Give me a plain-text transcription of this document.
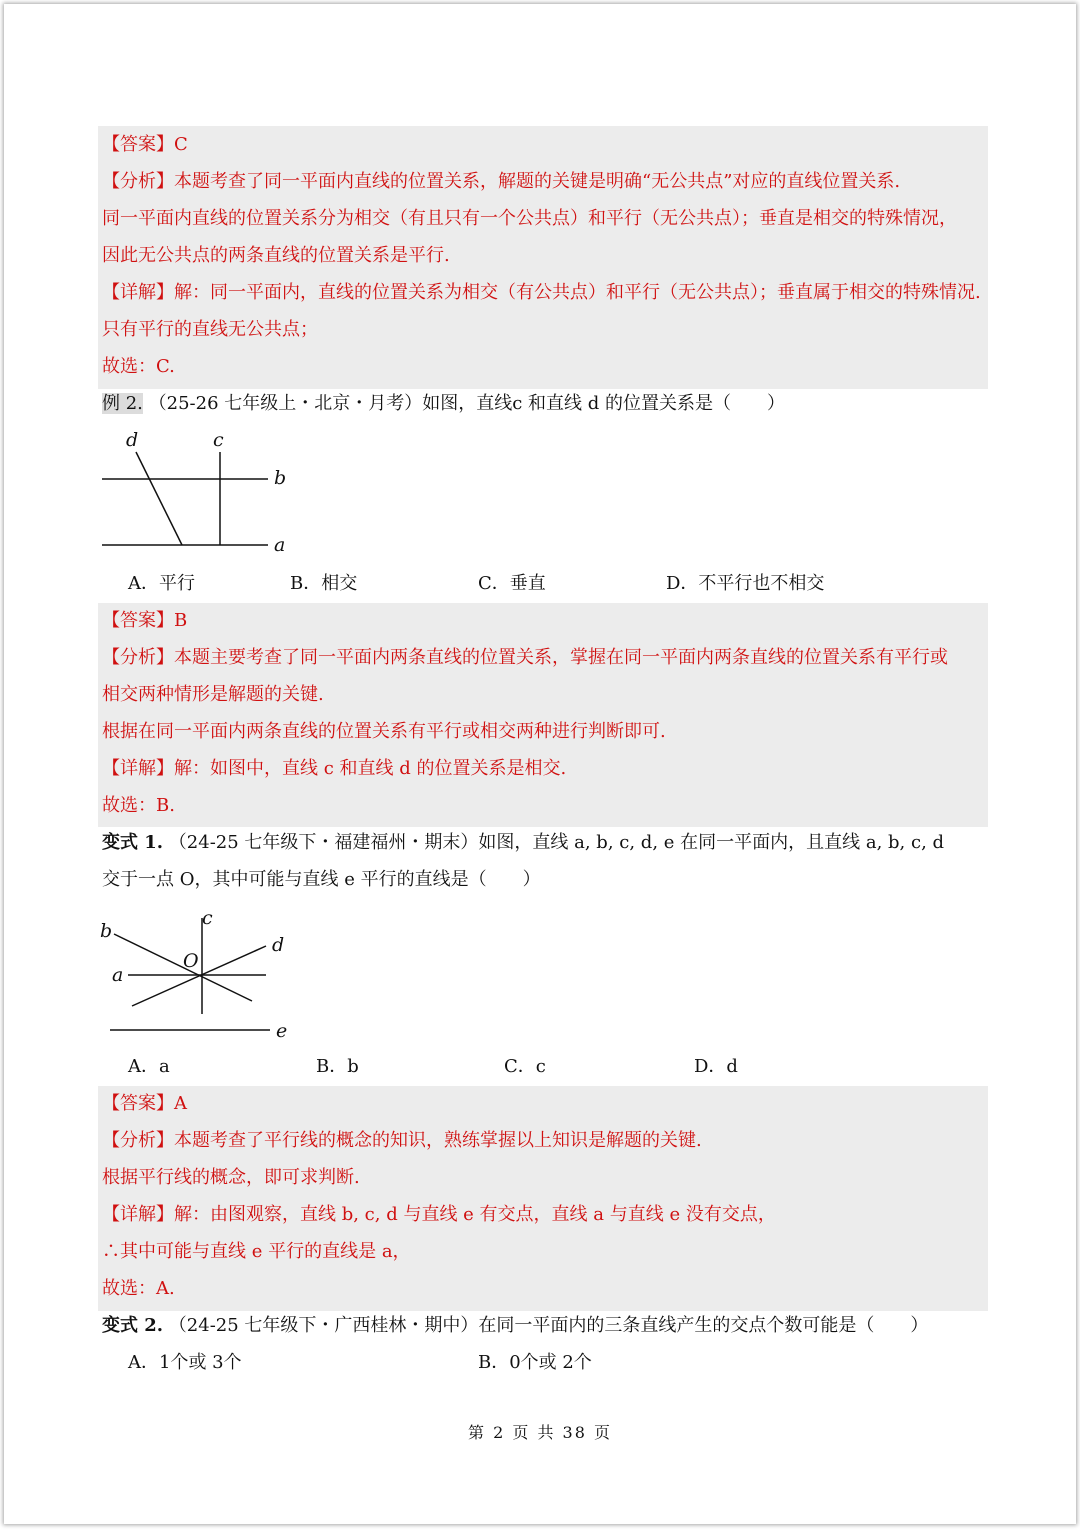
【答案】C
【分析】本题考查了同一平面内直线的位置关系，解题的关键是明确“无公共点”对应的直线位置关系.
同一平面内直线的位置关系分为相交（有且只有一个公共点）和平行（无公共点）；垂直是相交的特殊情况，
因此无公共点的两条直线的位置关系是平行.
【详解】解：同一平面内，直线的位置关系为相交（有公共点）和平行（无公共点）；垂直属于相交的特殊情况.
只有平行的直线无公共点；
故选：C.
例 2. （25-26 七年级上・北京・月考）如图，直线c 和直线 d 的位置关系是（　　）
d	c
b
a
A．平行	B．相交	C．垂直	D．不平行也不相交
【答案】B
【分析】本题主要考查了同一平面内两条直线的位置关系，掌握在同一平面内两条直线的位置关系有平行或
相交两种情形是解题的关键.
根据在同一平面内两条直线的位置关系有平行或相交两种进行判断即可.
【详解】解：如图中，直线 c 和直线 d 的位置关系是相交.
故选：B.
变式 1. （24-25 七年级下・福建福州・期末）如图，直线 a, b, c, d, e 在同一平面内，且直线 a, b, c, d
交于一点 O，其中可能与直线 e 平行的直线是（　　）
b
c
d
O
a
e
A．a	B．b	C．c	D．d
【答案】A
【分析】本题考查了平行线的概念的知识，熟练掌握以上知识是解题的关键.
根据平行线的概念，即可求判断.
【详解】解：由图观察，直线 b, c, d 与直线 e 有交点，直线 a 与直线 e 没有交点，
∴其中可能与直线 e 平行的直线是 a，
故选：A.
变式 2. （24-25 七年级下・广西桂林・期中）在同一平面内的三条直线产生的交点个数可能是（　　）
A．1个或 3个	B．0个或 2个
第 2 页 共 38 页
